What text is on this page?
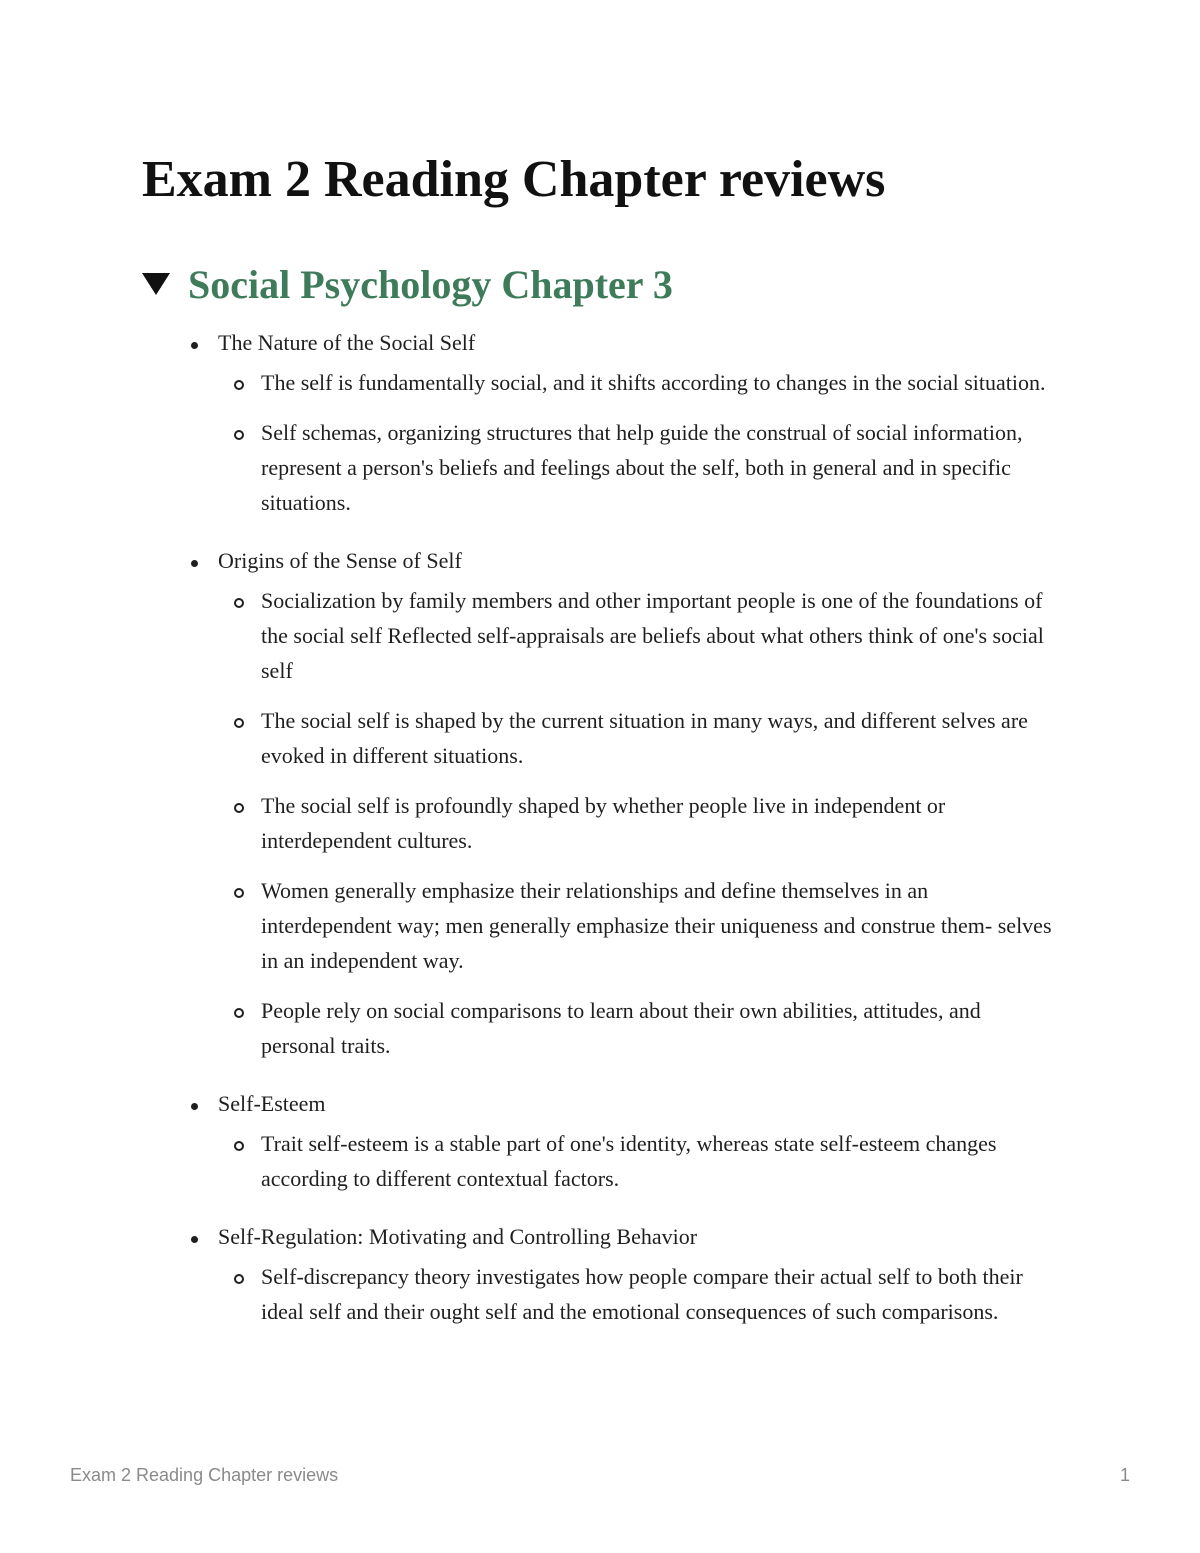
Exam 2 Reading Chapter reviews
Social Psychology Chapter 3
The Nature of the Social Self
The self is fundamentally social, and it shifts according to changes in the social situation.
Self schemas, organizing structures that help guide the construal of social information, represent a person's beliefs and feelings about the self, both in general and in specific situations.
Origins of the Sense of Self
Socialization by family members and other important people is one of the foundations of the social self Reflected self-appraisals are beliefs about what others think of one's social self
The social self is shaped by the current situation in many ways, and different selves are evoked in different situations.
The social self is profoundly shaped by whether people live in independent or interdependent cultures.
Women generally emphasize their relationships and define themselves in an interdependent way; men generally emphasize their uniqueness and construe them- selves in an independent way.
People rely on social comparisons to learn about their own abilities, attitudes, and personal traits.
Self-Esteem
Trait self-esteem is a stable part of one's identity, whereas state self-esteem changes according to different contextual factors.
Self-Regulation: Motivating and Controlling Behavior
Self-discrepancy theory investigates how people compare their actual self to both their ideal self and their ought self and the emotional consequences of such comparisons.
Exam 2 Reading Chapter reviews	1
